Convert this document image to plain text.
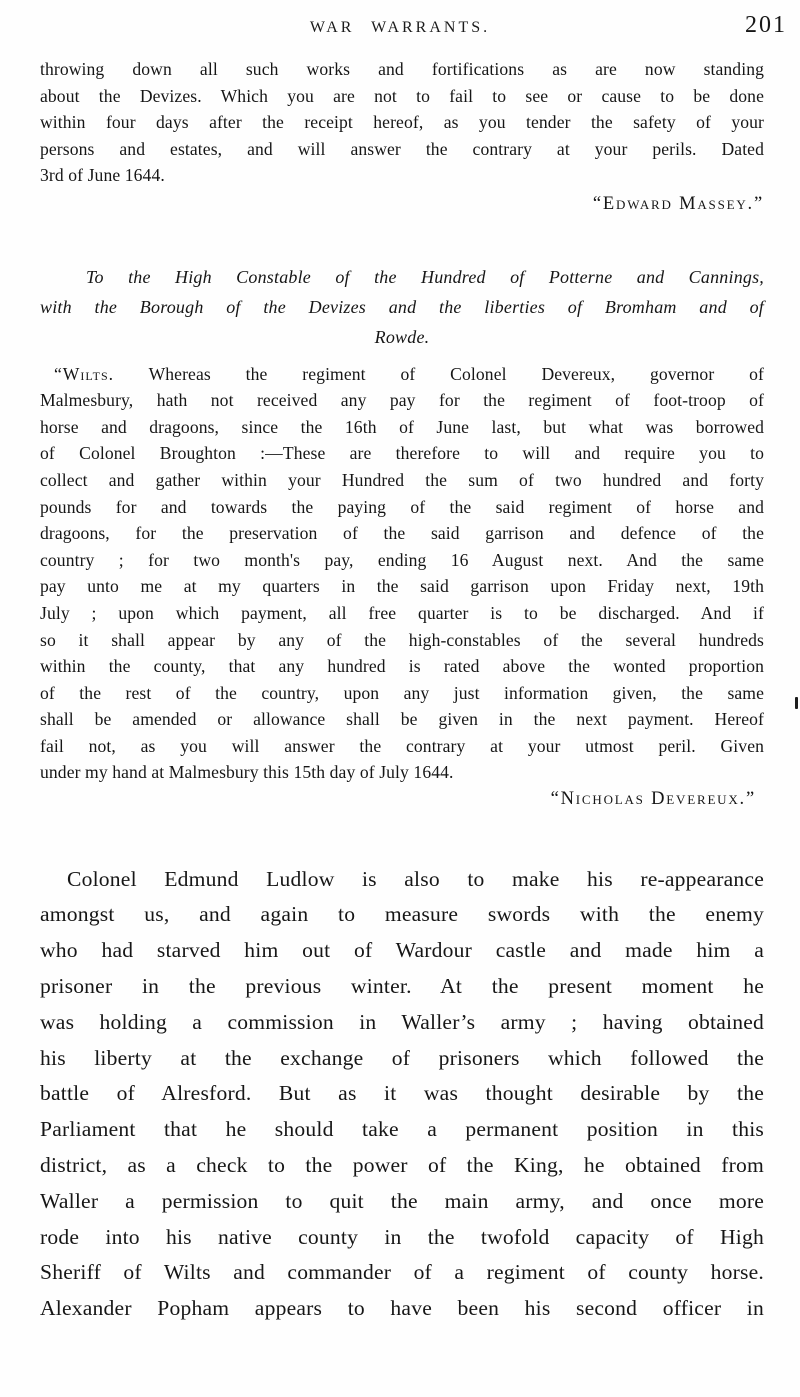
WAR WARRANTS.	201
throwing down all such works and fortifications as are now standing
about the Devizes. Which you are not to fail to see or cause to be done
within four days after the receipt hereof, as you tender the safety of your
persons and estates, and will answer the contrary at your perils. Dated
3rd of June 1644.
“Edward Massey.”
To the High Constable of the Hundred of Potterne and Cannings,
with the Borough of the Devizes and the liberties of Bromham and of
Rowde.
“Wilts. Whereas the regiment of Colonel Devereux, governor of
Malmesbury, hath not received any pay for the regiment of foot-troop of
horse and dragoons, since the 16th of June last, but what was borrowed
of Colonel Broughton :—These are therefore to will and require you to
collect and gather within your Hundred the sum of two hundred and forty
pounds for and towards the paying of the said regiment of horse and
dragoons, for the preservation of the said garrison and defence of the
country ; for two month's pay, ending 16 August next. And the same
pay unto me at my quarters in the said garrison upon Friday next, 19th
July ; upon which payment, all free quarter is to be discharged. And if
so it shall appear by any of the high-constables of the several hundreds
within the county, that any hundred is rated above the wonted proportion
of the rest of the country, upon any just information given, the same
shall be amended or allowance shall be given in the next payment. Hereof
fail not, as you will answer the contrary at your utmost peril. Given
under my hand at Malmesbury this 15th day of July 1644.
“Nicholas Devereux.”
Colonel Edmund Ludlow is also to make his re-appearance
amongst us, and again to measure swords with the enemy
who had starved him out of Wardour castle and made him a
prisoner in the previous winter. At the present moment he
was holding a commission in Waller’s army ; having obtained
his liberty at the exchange of prisoners which followed the
battle of Alresford. But as it was thought desirable by the
Parliament that he should take a permanent position in this
district, as a check to the power of the King, he obtained from
Waller a permission to quit the main army, and once more
rode into his native county in the twofold capacity of High
Sheriff of Wilts and commander of a regiment of county horse.
Alexander Popham appears to have been his second officer in
